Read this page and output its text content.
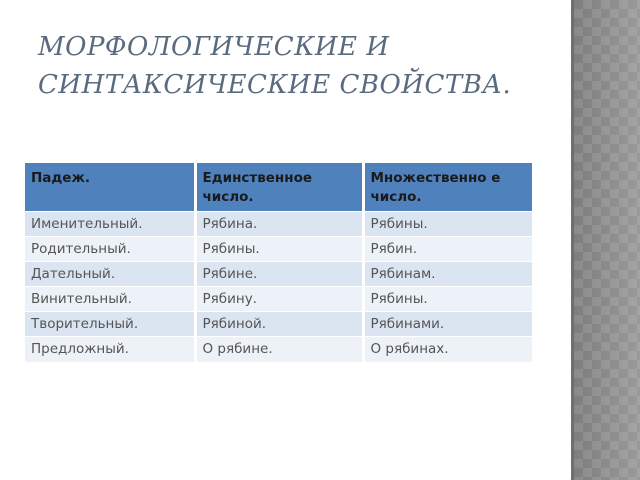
МОРФОЛОГИЧЕСКИЕ И
СИНТАКСИЧЕСКИЕ СВОЙСТВА.
Падеж.	Единственное число.	Множественно е число.
Именительный.	Рябина.	Рябины.
Родительный.	Рябины.	Рябин.
Дательный.	Рябине.	Рябинам.
Винительный.	Рябину.	Рябины.
Творительный.	Рябиной.	Рябинами.
Предложный.	О рябине.	О рябинах.
